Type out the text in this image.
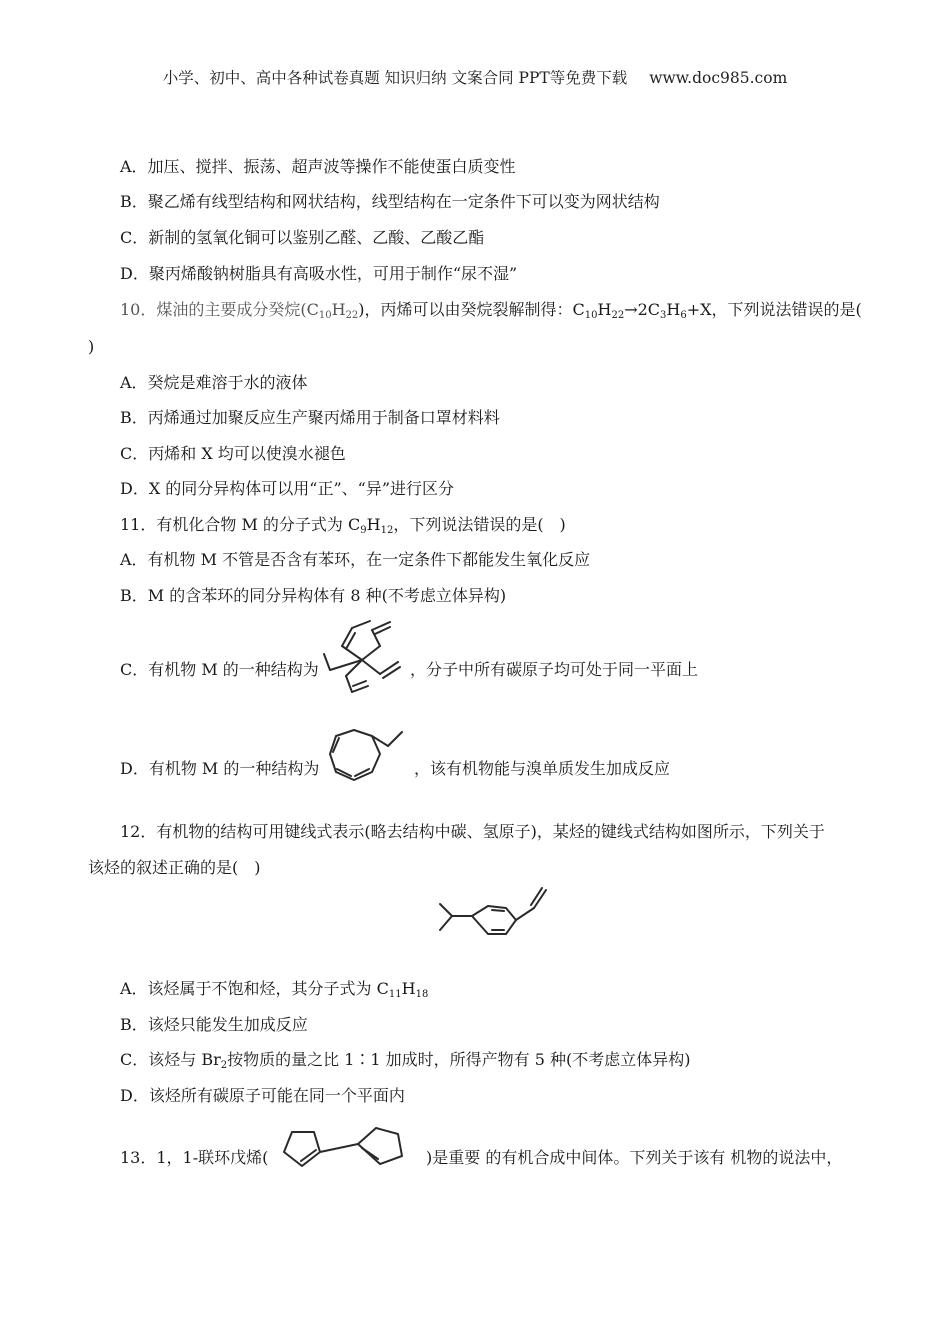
小学、初中、高中各种试卷真题 知识归纳 文案合同 PPT等免费下载 www.doc985.com
A．加压、搅拌、振荡、超声波等操作不能使蛋白质变性
B．聚乙烯有线型结构和网状结构，线型结构在一定条件下可以变为网状结构
C．新制的氢氧化铜可以鉴别乙醛、乙酸、乙酸乙酯
D．聚丙烯酸钠树脂具有高吸水性，可用于制作“尿不湿”
10．煤油的主要成分癸烷$(C_{10}H_{22})$，丙烯可以由癸烷裂解制得：$C_{10}H_{22}\to 2C_3H_6+X$，下列说法错误的是(
)
A．癸烷是难溶于水的液体
B．丙烯通过加聚反应生产聚丙烯用于制备口罩材料料
C．丙烯和 X 均可以使溴水褪色
D．X 的同分异构体可以用“正”、“异”进行区分
11．有机化合物 M 的分子式为 $C_9H_{12}$，下列说法错误的是(　)
A．有机物 M 不管是否含有苯环，在一定条件下都能发生氧化反应
B．M 的含苯环的同分异构体有 8 种(不考虑立体异构)
C．有机物 M 的一种结构为	，分子中所有碳原子均可处于同一平面上
D．有机物 M 的一种结构为	，该有机物能与溴单质发生加成反应
12．有机物的结构可用键线式表示(略去结构中碳、氢原子)，某烃的键线式结构如图所示，下列关于
该烃的叙述正确的是(　)
A．该烃属于不饱和烃，其分子式为 $C_{11}H_{18}$
B．该烃只能发生加成反应
C．该烃与 $Br_2$按物质的量之比 1∶1 加成时，所得产物有 5 种(不考虑立体异构)
D．该烃所有碳原子可能在同一个平面内
13．1，1-联环戊烯(	)是重要 的有机合成中间体。下列关于该有 机物的说法中，
